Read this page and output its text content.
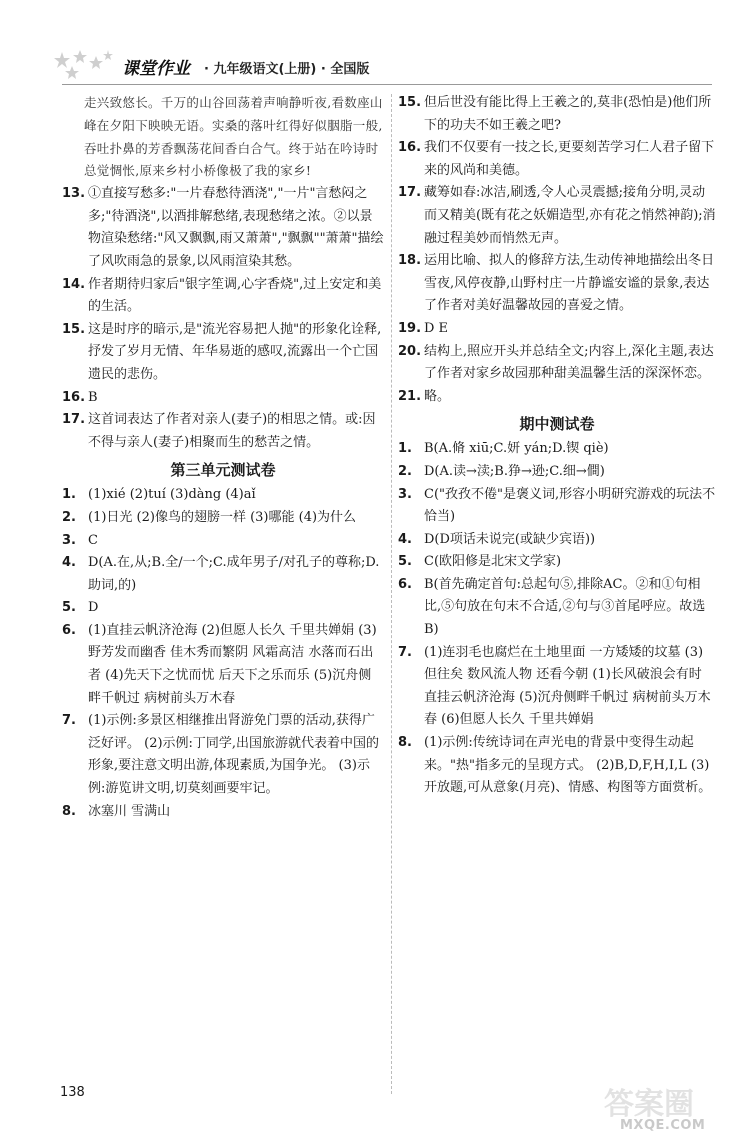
课堂作业 · 九年级语文(上册) · 全国版

走兴致悠长。千万的山谷回荡着声响静听夜,看数座山峰在夕阳下映映无语。实桑的落叶红得好似胭脂一般,吞吐扑鼻的芳香飘荡花间香白合气。终于站在吟诗时总觉惆怅,原来乡村小桥像极了我的家乡!

13. ①直接写愁多:"一片春愁待酒浇","一片"言愁闷之多;"待酒浇",以酒排解愁绪,表现愁绪之浓。②以景物渲染愁绪:"风又飘飘,雨又萧萧","飘飘""萧萧"描绘了风吹雨急的景象,以风雨渲染其愁。
14. 作者期待归家后"银字笙调,心字香烧",过上安定和美的生活。
15. 这是时序的暗示,是"流光容易把人抛"的形象化诠释,抒发了岁月无情、年华易逝的感叹,流露出一个亡国遗民的悲伤。
16. B
17. 这首词表达了作者对亲人(妻子)的相思之情。或:因不得与亲人(妻子)相聚而生的愁苦之情。
第三单元测试卷
1. (1)xié (2)tuí (3)dàng (4)aǐ
2. (1)日光 (2)像鸟的翅膀一样 (3)哪能 (4)为什么
3. C
4. D(A.在,从;B.全/一个;C.成年男子/对孔子的尊称;D.助词,的)
5. D
6. (1)直挂云帆济沧海 (2)但愿人长久 千里共婵娟 (3)野芳发而幽香 佳木秀而繁阴 风霜高洁 水落而石出者 (4)先天下之忧而忧 后天下之乐而乐 (5)沉舟侧畔千帆过 病树前头万木春
7. (1)示例:多景区相继推出肾游免门票的活动,获得广泛好评。 (2)示例:丁同学,出国旅游就代表着中国的形象,要注意文明出游,体现素质,为国争光。 (3)示例:游览讲文明,切莫刻画要牢记。
8. 冰塞川 雪满山
15. 但后世没有能比得上王羲之的,莫非(恐怕是)他们所下的功夫不如王羲之吧?
16. 我们不仅要有一技之长,更要刻苦学习仁人君子留下来的风尚和美德。
17. 藏筹如春:冰洁,刷透,令人心灵震撼;接角分明,灵动而又精美(既有花之妖媚造型,亦有花之悄然神韵);消融过程美妙而悄然无声。
18. 运用比喻、拟人的修辞方法,生动传神地描绘出冬日雪夜,风停夜静,山野村庄一片静谧安谧的景象,表达了作者对美好温馨故园的喜爱之情。
19. D E
20. 结构上,照应开头并总结全文;内容上,深化主题,表达了作者对家乡故园那种甜美温馨生活的深深怀恋。
21. 略。
期中测试卷
1. B(A.脩 xiū;C.妍 yán;D.锲 qiè)
2. D(A.读→渎;B.狰→逊;C.细→僴)
3. C("孜孜不倦"是褒义词,形容小明研究游戏的玩法不恰当)
4. D(D项话未说完(或缺少宾语))
5. C(欧阳修是北宋文学家)
6. B(首先确定首句:总起句⑤,排除AC。②和①句相比,⑤句放在句末不合适,②句与③首尾呼应。故选B)
7. (1)连羽毛也腐烂在土地里面 一方矮矮的坟墓 (3)但往矣 数风流人物 还看今朝 (1)长风破浪会有时 直挂云帆济沧海 (5)沉舟侧畔千帆过 病树前头万木春 (6)但愿人长久 千里共婵娟
8. (1)示例:传统诗词在声光电的背景中变得生动起来。"热"指多元的呈现方式。 (2)B,D,F,H,I,L (3)开放题,可从意象(月亮)、情感、构图等方面赏析。
138	答案圈
MXQE.COM
